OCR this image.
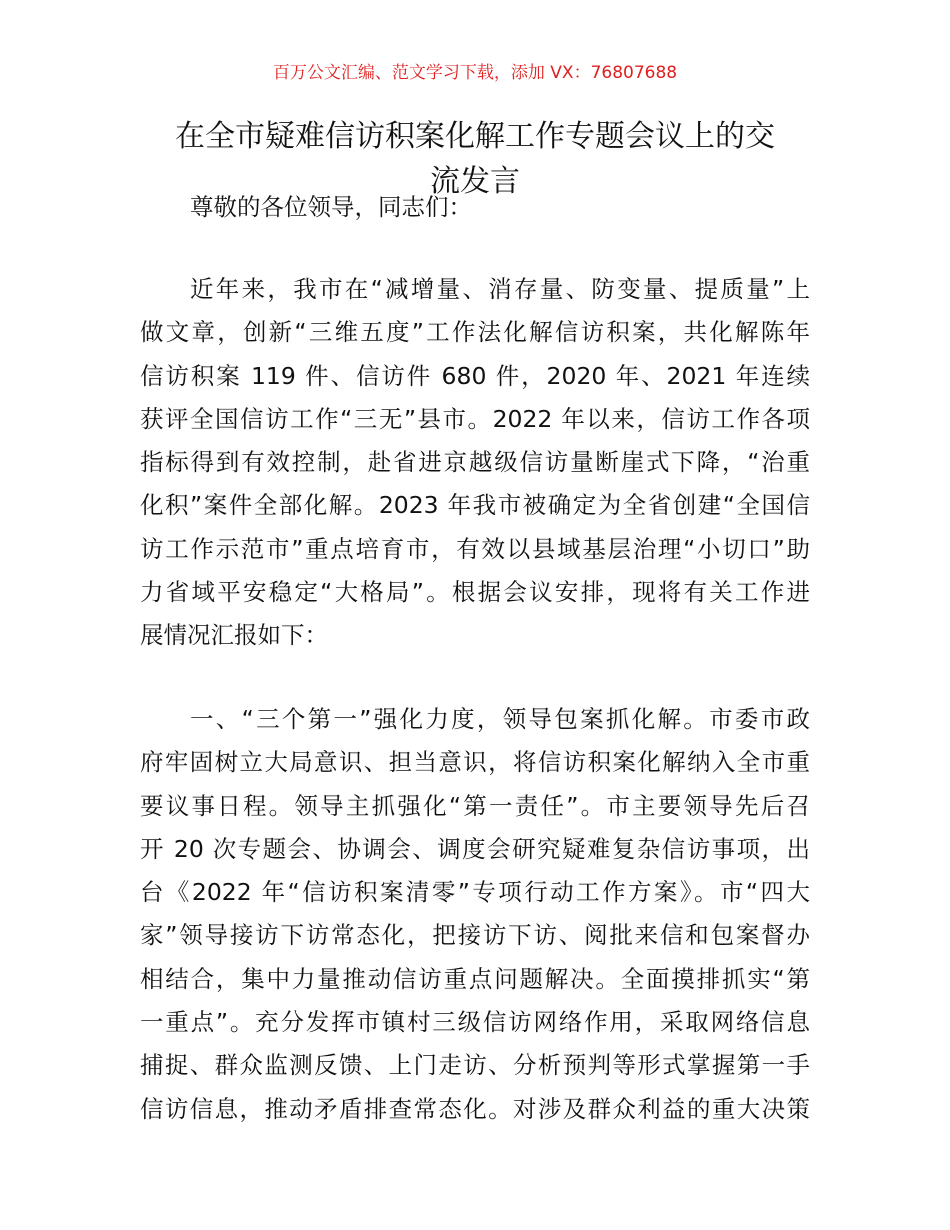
百万公文汇编、范文学习下载，添加 VX：76807688
在全市疑难信访积案化解工作专题会议上的交
流发言
尊敬的各位领导，同志们：
近年来，我市在“减增量、消存量、防变量、提质量”上
做文章，创新“三维五度”工作法化解信访积案，共化解陈年
信访积案 119 件、信访件 680 件，2020 年、2021 年连续
获评全国信访工作“三无”县市。2022 年以来，信访工作各项
指标得到有效控制，赴省进京越级信访量断崖式下降，“治重
化积”案件全部化解。2023 年我市被确定为全省创建“全国信
访工作示范市”重点培育市，有效以县域基层治理“小切口”助
力省域平安稳定“大格局”。根据会议安排，现将有关工作进
展情况汇报如下：
一、“三个第一”强化力度，领导包案抓化解。市委市政
府牢固树立大局意识、担当意识，将信访积案化解纳入全市重
要议事日程。领导主抓强化“第一责任”。市主要领导先后召
开 20 次专题会、协调会、调度会研究疑难复杂信访事项，出
台《2022 年“信访积案清零”专项行动工作方案》。市“四大
家”领导接访下访常态化，把接访下访、阅批来信和包案督办
相结合，集中力量推动信访重点问题解决。全面摸排抓实“第
一重点”。充分发挥市镇村三级信访网络作用，采取网络信息
捕捉、群众监测反馈、上门走访、分析预判等形式掌握第一手
信访信息，推动矛盾排查常态化。对涉及群众利益的重大决策
